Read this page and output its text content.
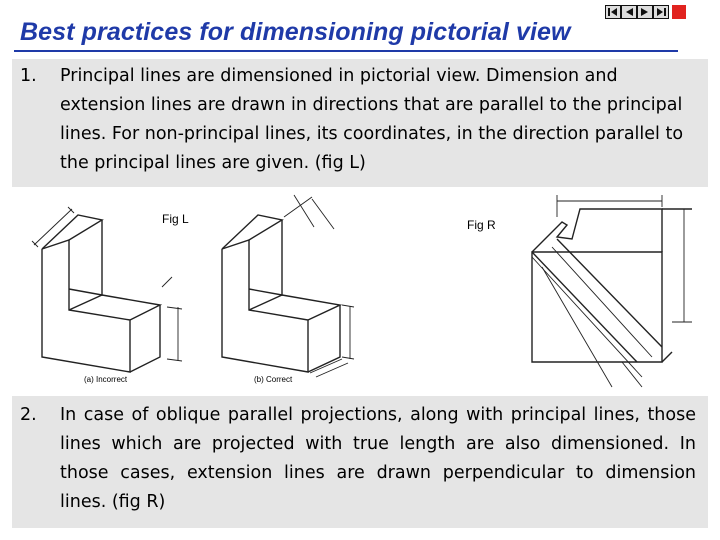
Best practices for dimensioning pictorial view
1.	Principal lines are dimensioned in pictorial view. Dimension and extension lines are drawn in directions that are parallel to the principal lines. For non-principal lines, its coordinates, in the direction parallel to the principal lines are given. (fig L)
Fig L	Fig R
(a) Incorrect	(b) Correct
2.	In case of oblique parallel projections, along with principal lines, those lines which are projected with true length are also dimensioned. In those cases, extension lines are drawn perpendicular to dimension lines. (fig R)
